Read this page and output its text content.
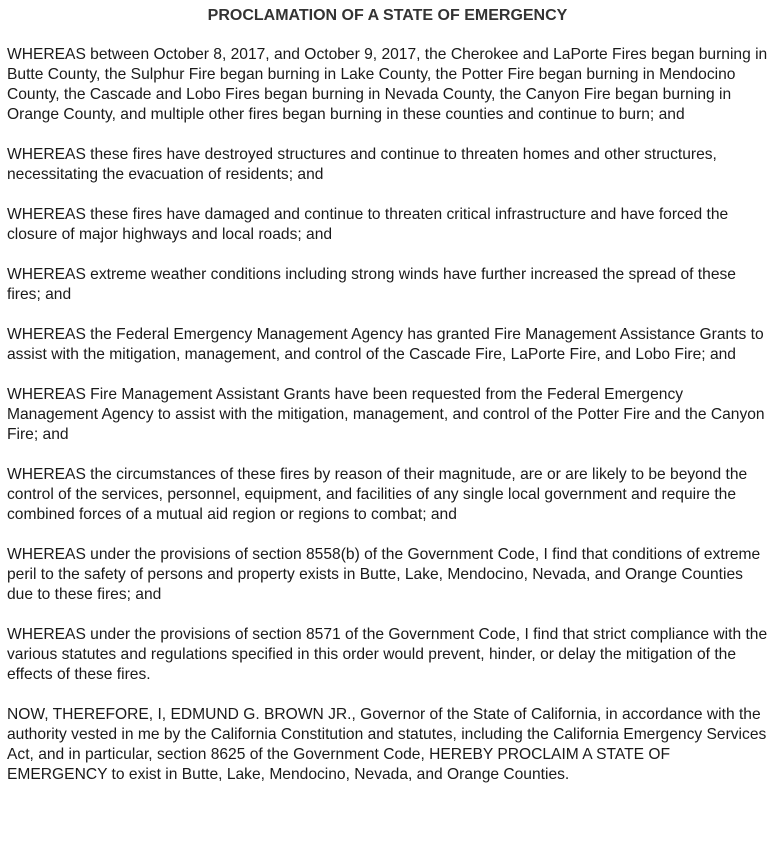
PROCLAMATION OF A STATE OF EMERGENCY

WHEREAS between October 8, 2017, and October 9, 2017, the Cherokee and LaPorte Fires began burning in Butte County, the Sulphur Fire began burning in Lake County, the Potter Fire began burning in Mendocino County, the Cascade and Lobo Fires began burning in Nevada County, the Canyon Fire began burning in Orange County, and multiple other fires began burning in these counties and continue to burn; and

WHEREAS these fires have destroyed structures and continue to threaten homes and other structures, necessitating the evacuation of residents; and

WHEREAS these fires have damaged and continue to threaten critical infrastructure and have forced the closure of major highways and local roads; and

WHEREAS extreme weather conditions including strong winds have further increased the spread of these fires; and

WHEREAS the Federal Emergency Management Agency has granted Fire Management Assistance Grants to assist with the mitigation, management, and control of the Cascade Fire, LaPorte Fire, and Lobo Fire; and

WHEREAS Fire Management Assistant Grants have been requested from the Federal Emergency Management Agency to assist with the mitigation, management, and control of the Potter Fire and the Canyon Fire; and

WHEREAS the circumstances of these fires by reason of their magnitude, are or are likely to be beyond the control of the services, personnel, equipment, and facilities of any single local government and require the combined forces of a mutual aid region or regions to combat; and

WHEREAS under the provisions of section 8558(b) of the Government Code, I find that conditions of extreme peril to the safety of persons and property exists in Butte, Lake, Mendocino, Nevada, and Orange Counties due to these fires; and

WHEREAS under the provisions of section 8571 of the Government Code, I find that strict compliance with the various statutes and regulations specified in this order would prevent, hinder, or delay the mitigation of the effects of these fires.

NOW, THEREFORE, I, EDMUND G. BROWN JR., Governor of the State of California, in accordance with the authority vested in me by the California Constitution and statutes, including the California Emergency Services Act, and in particular, section 8625 of the Government Code, HEREBY PROCLAIM A STATE OF EMERGENCY to exist in Butte, Lake, Mendocino, Nevada, and Orange Counties.
